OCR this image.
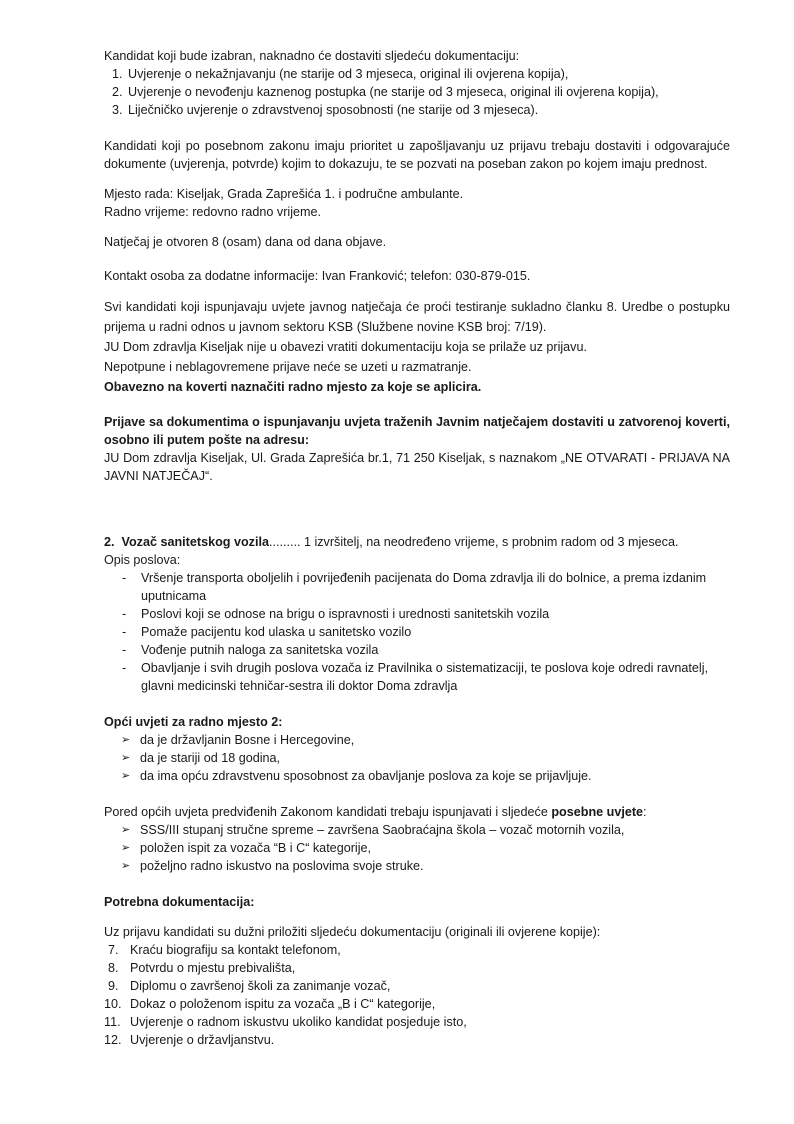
Kandidat koji bude izabran, naknadno će dostaviti sljedeću dokumentaciju:

1. Uvjerenje o nekažnjavanju (ne starije od 3 mjeseca, original ili ovjerena kopija),
2. Uvjerenje o nevođenju kaznenog postupka (ne starije od 3 mjeseca, original ili ovjerena kopija),
3. Liječničko uvjerenje o zdravstvenoj sposobnosti (ne starije od 3 mjeseca).

Kandidati koji po posebnom zakonu imaju prioritet u zapošljavanju uz prijavu trebaju dostaviti i odgovarajuće dokumente (uvjerenja, potvrde) kojim to dokazuju, te se pozvati na poseban zakon po kojem imaju prednost.

Mjesto rada: Kiseljak, Grada Zaprešića 1. i područne ambulante.

Radno vrijeme: redovno radno vrijeme.

Natječaj je otvoren 8 (osam) dana od dana objave.

Kontakt osoba za dodatne informacije: Ivan Franković; telefon: 030-879-015.

Svi kandidati koji ispunjavaju uvjete javnog natječaja će proći testiranje sukladno članku 8. Uredbe o postupku prijema u radni odnos u javnom sektoru KSB (Službene novine KSB broj: 7/19).

JU Dom zdravlja Kiseljak nije u obavezi vratiti dokumentaciju koja se prilaže uz prijavu.

Nepotpune i neblagovremene prijave neće se uzeti u razmatranje.

Obavezno na koverti naznačiti radno mjesto za koje se aplicira.

Prijave sa dokumentima o ispunjavanju uvjeta traženih Javnim natječajem dostaviti u zatvorenoj koverti, osobno ili putem pošte na adresu:

JU Dom zdravlja Kiseljak, Ul. Grada Zaprešića br.1, 71 250 Kiseljak, s naznakom „NE OTVARATI - PRIJAVA NA JAVNI NATJEČAJ“.

2. Vozač sanitetskog vozila......... 1 izvršitelj, na neodređeno vrijeme, s probnim radom od 3 mjeseca.

Opis poslova:

- Vršenje transporta oboljelih i povrijeđenih pacijenata do Doma zdravlja ili do bolnice, a prema izdanim uputnicama
- Poslovi koji se odnose na brigu o ispravnosti i urednosti sanitetskih vozila
- Pomaže pacijentu kod ulaska u sanitetsko vozilo
- Vođenje putnih naloga za sanitetska vozila
- Obavljanje i svih drugih poslova vozača iz Pravilnika o sistematizaciji, te poslova koje odredi ravnatelj, glavni medicinski tehničar-sestra ili doktor Doma zdravlja

Opći uvjeti za radno mjesto 2:

➢ da je državljanin Bosne i Hercegovine,
➢ da je stariji od 18 godina,
➢ da ima opću zdravstvenu sposobnost za obavljanje poslova za koje se prijavljuje.

Pored općih uvjeta predviđenih Zakonom kandidati trebaju ispunjavati i sljedeće posebne uvjete:

➢ SSS/III stupanj stručne spreme – završena Saobraćajna škola – vozač motornih vozila,
➢ položen ispit za vozača “B i C“ kategorije,
➢ poželjno radno iskustvo na poslovima svoje struke.

Potrebna dokumentacija:

Uz prijavu kandidati su dužni priložiti sljedeću dokumentaciju (originali ili ovjerene kopije):

7. Kraću biografiju sa kontakt telefonom,
8. Potvrdu o mjestu prebivališta,
9. Diplomu o završenoj školi za zanimanje vozač,
10. Dokaz o položenom ispitu za vozača „B i C“ kategorije,
11. Uvjerenje o radnom iskustvu ukoliko kandidat posjeduje isto,
12. Uvjerenje o državljanstvu.
